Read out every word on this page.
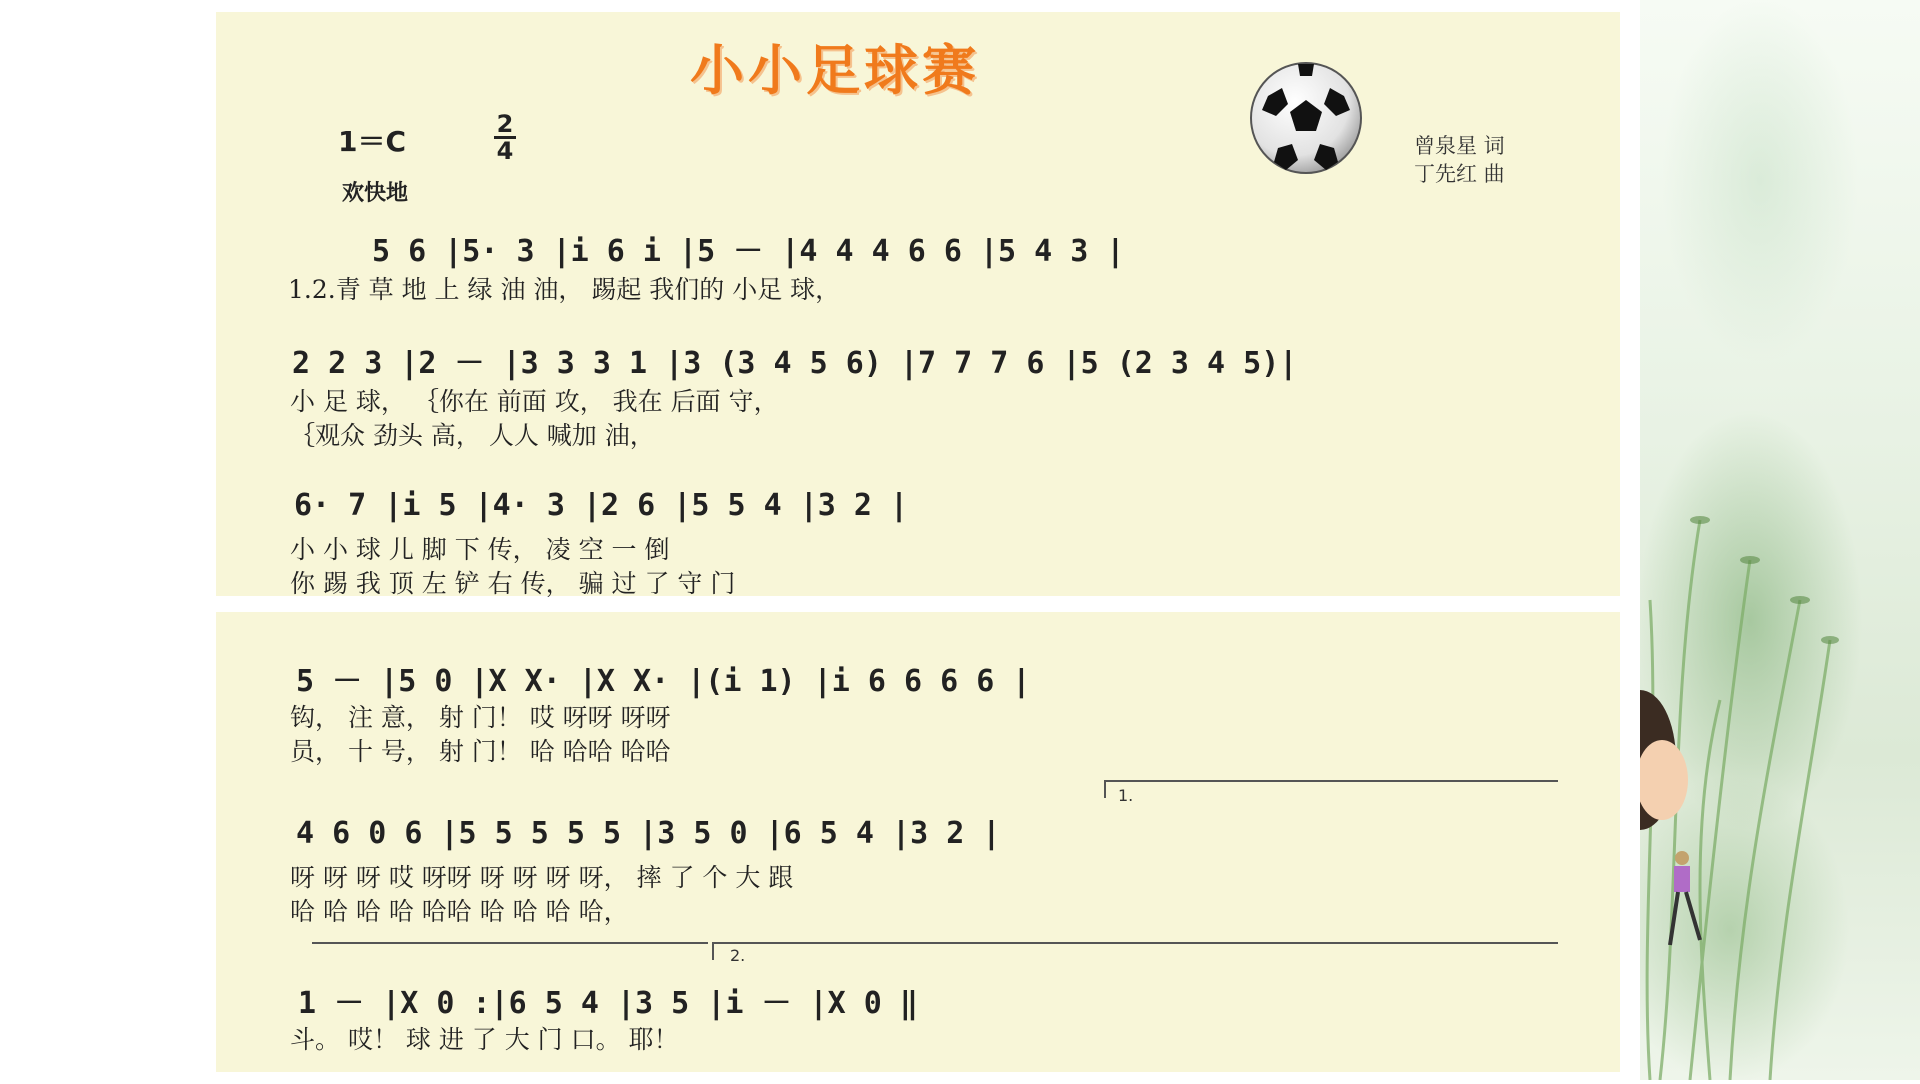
小小足球赛
1＝C
2
4
欢快地
曾泉星 词
丁先红 曲
5 6 |5· 3 |i 6 i |5 － |4 4 4 6 6 |5 4 3 |
1.2.青 草 地 上 绿 油 油， 踢起 我们的 小足 球，
2 2 3 |2 － |3 3 3 1 |3 (3 4 5 6) |7 7 7 6 |5 (2 3 4 5)|
小 足 球， ｛你在 前面 攻， 我在 后面 守，
｛观众 劲头 高， 人人 喊加 油，
6· 7 |i 5 |4· 3 |2 6 |5 5 4 |3 2 |
小 小 球 儿 脚 下 传， 凌 空 一 倒
你 踢 我 顶 左 铲 右 传， 骗 过 了 守 门
5 － |5 0 |X X· |X X· |(i 1) |i 6 6 6 6 |
钩， 注 意， 射 门！ 哎 呀呀 呀呀
员， 十 号， 射 门！ 哈 哈哈 哈哈
1.
4 6 0 6 |5 5 5 5 5 |3 5 0 |6 5 4 |3 2 |
呀 呀 呀 哎 呀呀 呀 呀 呀 呀， 摔 了 个 大 跟
哈 哈 哈 哈 哈哈 哈 哈 哈 哈，
2.
1 － |X 0 :|6 5 4 |3 5 |i － |X 0 ‖
斗。 哎！ 球 进 了 大 门 口。 耶！
